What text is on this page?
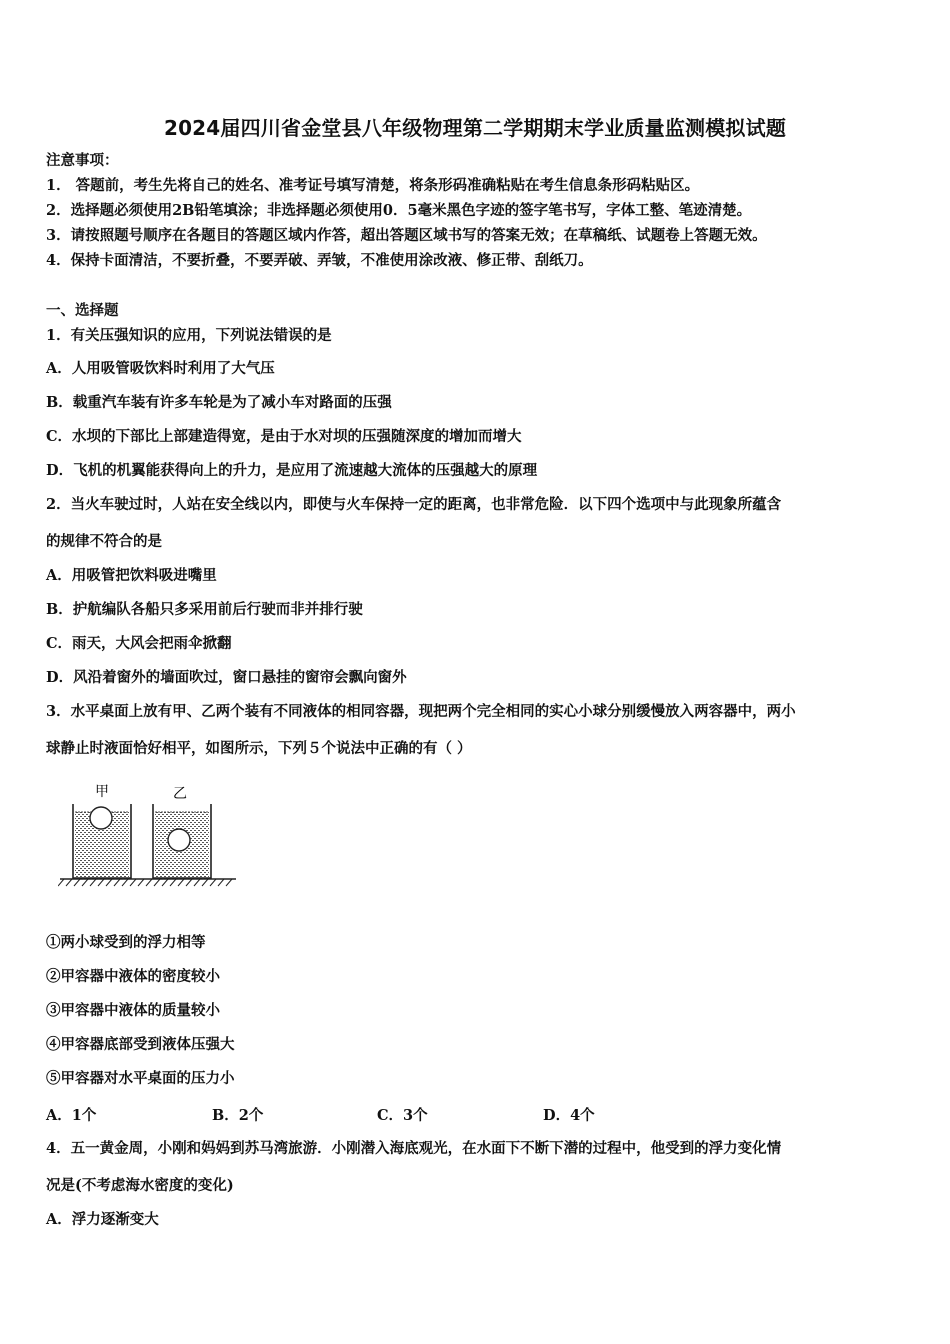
2024届四川省金堂县八年级物理第二学期期末学业质量监测模拟试题
注意事项：
1． 答题前，考生先将自己的姓名、准考证号填写清楚，将条形码准确粘贴在考生信息条形码粘贴区。
2．选择题必须使用2B铅笔填涂；非选择题必须使用0．5毫米黑色字迹的签字笔书写，字体工整、笔迹清楚。
3．请按照题号顺序在各题目的答题区域内作答，超出答题区域书写的答案无效；在草稿纸、试题卷上答题无效。
4．保持卡面清洁，不要折叠，不要弄破、弄皱，不准使用涂改液、修正带、刮纸刀。
一、选择题
1．有关压强知识的应用，下列说法错误的是
A．人用吸管吸饮料时利用了大气压
B．载重汽车装有许多车轮是为了减小车对路面的压强
C．水坝的下部比上部建造得宽，是由于水对坝的压强随深度的增加而增大
D．飞机的机翼能获得向上的升力，是应用了流速越大流体的压强越大的原理
2．当火车驶过时，人站在安全线以内，即使与火车保持一定的距离，也非常危险．以下四个选项中与此现象所蕴含
的规律不符合的是
A．用吸管把饮料吸进嘴里
B．护航编队各船只多采用前后行驶而非并排行驶
C．雨天，大风会把雨伞掀翻
D．风沿着窗外的墙面吹过，窗口悬挂的窗帘会飘向窗外
3．水平桌面上放有甲、乙两个装有不同液体的相同容器，现把两个完全相同的实心小球分别缓慢放入两容器中，两小
球静止时液面恰好相平，如图所示，下列５个说法中正确的有（ ）
甲	乙
①两小球受到的浮力相等
②甲容器中液体的密度较小
③甲容器中液体的质量较小
④甲容器底部受到液体压强大
⑤甲容器对水平桌面的压力小
A．1个	B．2个	C．3个	D．4个
4．五一黄金周，小刚和妈妈到苏马湾旅游．小刚潜入海底观光，在水面下不断下潜的过程中，他受到的浮力变化情
况是(不考虑海水密度的变化)
A．浮力逐渐变大
